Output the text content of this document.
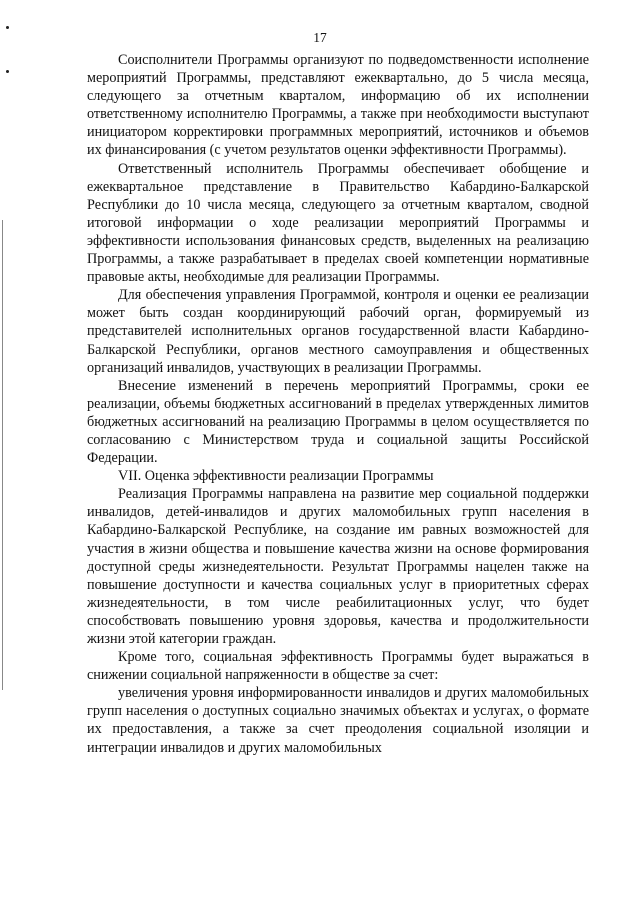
17

Соисполнители Программы организуют по подведомственности исполнение мероприятий Программы, представляют ежеквартально, до 5 числа месяца, следующего за отчетным кварталом, информацию об их исполнении ответственному исполнителю Программы, а также при необходимости выступают инициатором корректировки программных мероприятий, источников и объемов их финансирования (с учетом результатов оценки эффективности Программы).

Ответственный исполнитель Программы обеспечивает обобщение и ежеквартальное представление в Правительство Кабардино-Балкарской Республики до 10 числа месяца, следующего за отчетным кварталом, сводной итоговой информации о ходе реализации мероприятий Программы и эффективности использования финансовых средств, выделенных на реализацию Программы, а также разрабатывает в пределах своей компетенции нормативные правовые акты, необходимые для реализации Программы.

Для обеспечения управления Программой, контроля и оценки ее реализации может быть создан координирующий рабочий орган, формируемый из представителей исполнительных органов государственной власти Кабардино-Балкарской Республики, органов местного самоуправления и общественных организаций инвалидов, участвующих в реализации Программы.

Внесение изменений в перечень мероприятий Программы, сроки ее реализации, объемы бюджетных ассигнований в пределах утвержденных лимитов бюджетных ассигнований на реализацию Программы в целом осуществляется по согласованию с Министерством труда и социальной защиты Российской Федерации.

VII. Оценка эффективности реализации Программы

Реализация Программы направлена на развитие мер социальной поддержки инвалидов, детей-инвалидов и других маломобильных групп населения в Кабардино-Балкарской Республике, на создание им равных возможностей для участия в жизни общества и повышение качества жизни на основе формирования доступной среды жизнедеятельности. Результат Программы нацелен также на повышение доступности и качества социальных услуг в приоритетных сферах жизнедеятельности, в том числе реабилитационных услуг, что будет способствовать повышению уровня здоровья, качества и продолжительности жизни этой категории граждан.

Кроме того, социальная эффективность Программы будет выражаться в снижении социальной напряженности в обществе за счет:

увеличения уровня информированности инвалидов и других маломобильных групп населения о доступных социально значимых объектах и услугах, о формате их предоставления, а также за счет преодоления социальной изоляции и интеграции инвалидов и других маломобильных
